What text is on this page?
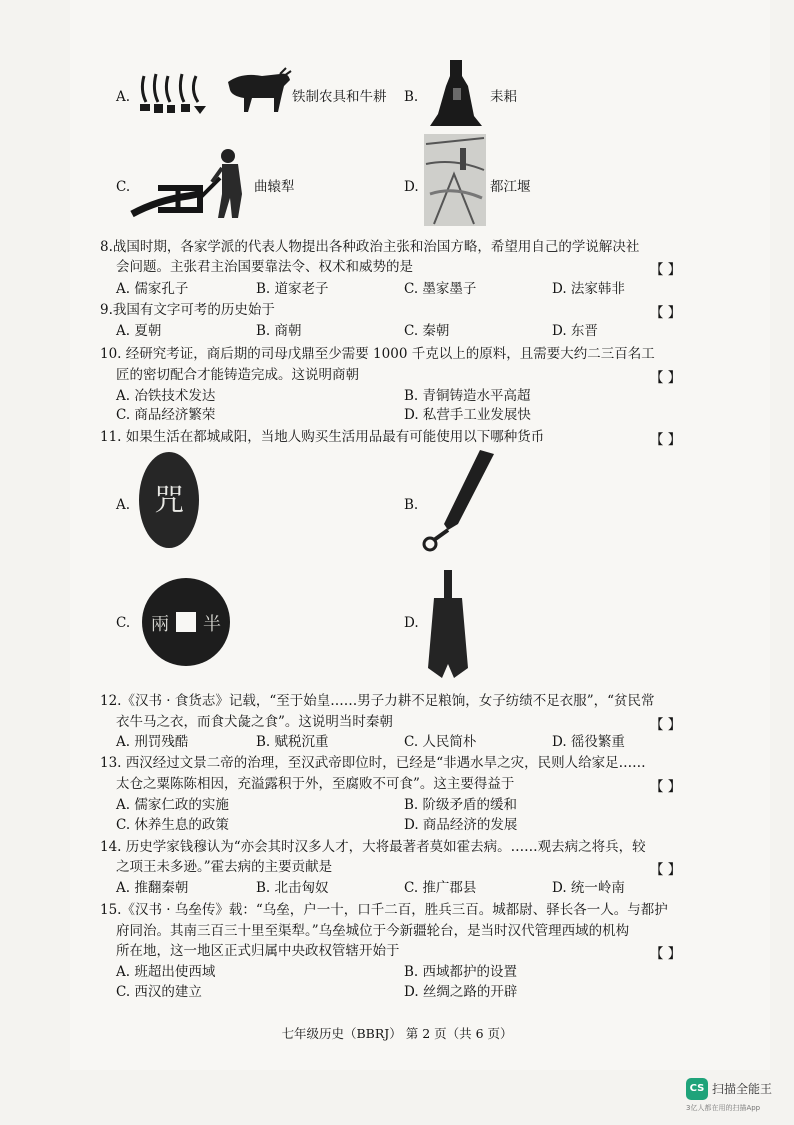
A.	铁制农具和牛耕 B.	耒耜
C.	曲辕犁	D.	都江堰
8.战国时期，各家学派的代表人物提出各种政治主张和治国方略，希望用自己的学说解决社
会问题。主张君主治国要靠法令、权术和威势的是	【 】
A. 儒家孔子	B. 道家老子	C. 墨家墨子	D. 法家韩非
9.我国有文字可考的历史始于	【 】
A. 夏朝	B. 商朝	C. 秦朝	D. 东晋
10. 经研究考证，商后期的司母戊鼎至少需要 1000 千克以上的原料，且需要大约二三百名工
匠的密切配合才能铸造完成。这说明商朝	【 】
A. 冶铁技术发达	B. 青铜铸造水平高超
C. 商品经济繁荣	D. 私营手工业发展快
11. 如果生活在都城咸阳，当地人购买生活用品最有可能使用以下哪种货币	【 】
A. 咒	B.
C. 兩 半	D.
12.《汉书 · 食货志》记载，“至于始皇……男子力耕不足粮饷，女子纺绩不足衣服”，“贫民常
衣牛马之衣，而食犬彘之食”。这说明当时秦朝	【 】
A. 刑罚残酷	B. 赋税沉重	C. 人民简朴	D. 徭役繁重
13. 西汉经过文景二帝的治理，至汉武帝即位时，已经是“非遇水旱之灾，民则人给家足……
太仓之粟陈陈相因，充溢露积于外，至腐败不可食”。这主要得益于	【 】
A. 儒家仁政的实施	B. 阶级矛盾的缓和
C. 休养生息的政策	D. 商品经济的发展
14. 历史学家钱穆认为“亦会其时汉多人才，大将最著者莫如霍去病。……观去病之将兵，较
之项王未多逊。”霍去病的主要贡献是	【 】
A. 推翻秦朝	B. 北击匈奴	C. 推广郡县	D. 统一岭南
15.《汉书 · 乌垒传》载：“乌垒，户一十，口千二百，胜兵三百。城都尉、驿长各一人。与都护
府同治。其南三百三十里至渠犁。”乌垒城位于今新疆轮台，是当时汉代管理西域的机构
所在地，这一地区正式归属中央政权管辖开始于	【 】
A. 班超出使西域	B. 西域都护的设置
C. 西汉的建立	D. 丝绸之路的开辟
七年级历史（BBRJ） 第 2 页（共 6 页）
CS 扫描全能王
3亿人都在用的扫描App
